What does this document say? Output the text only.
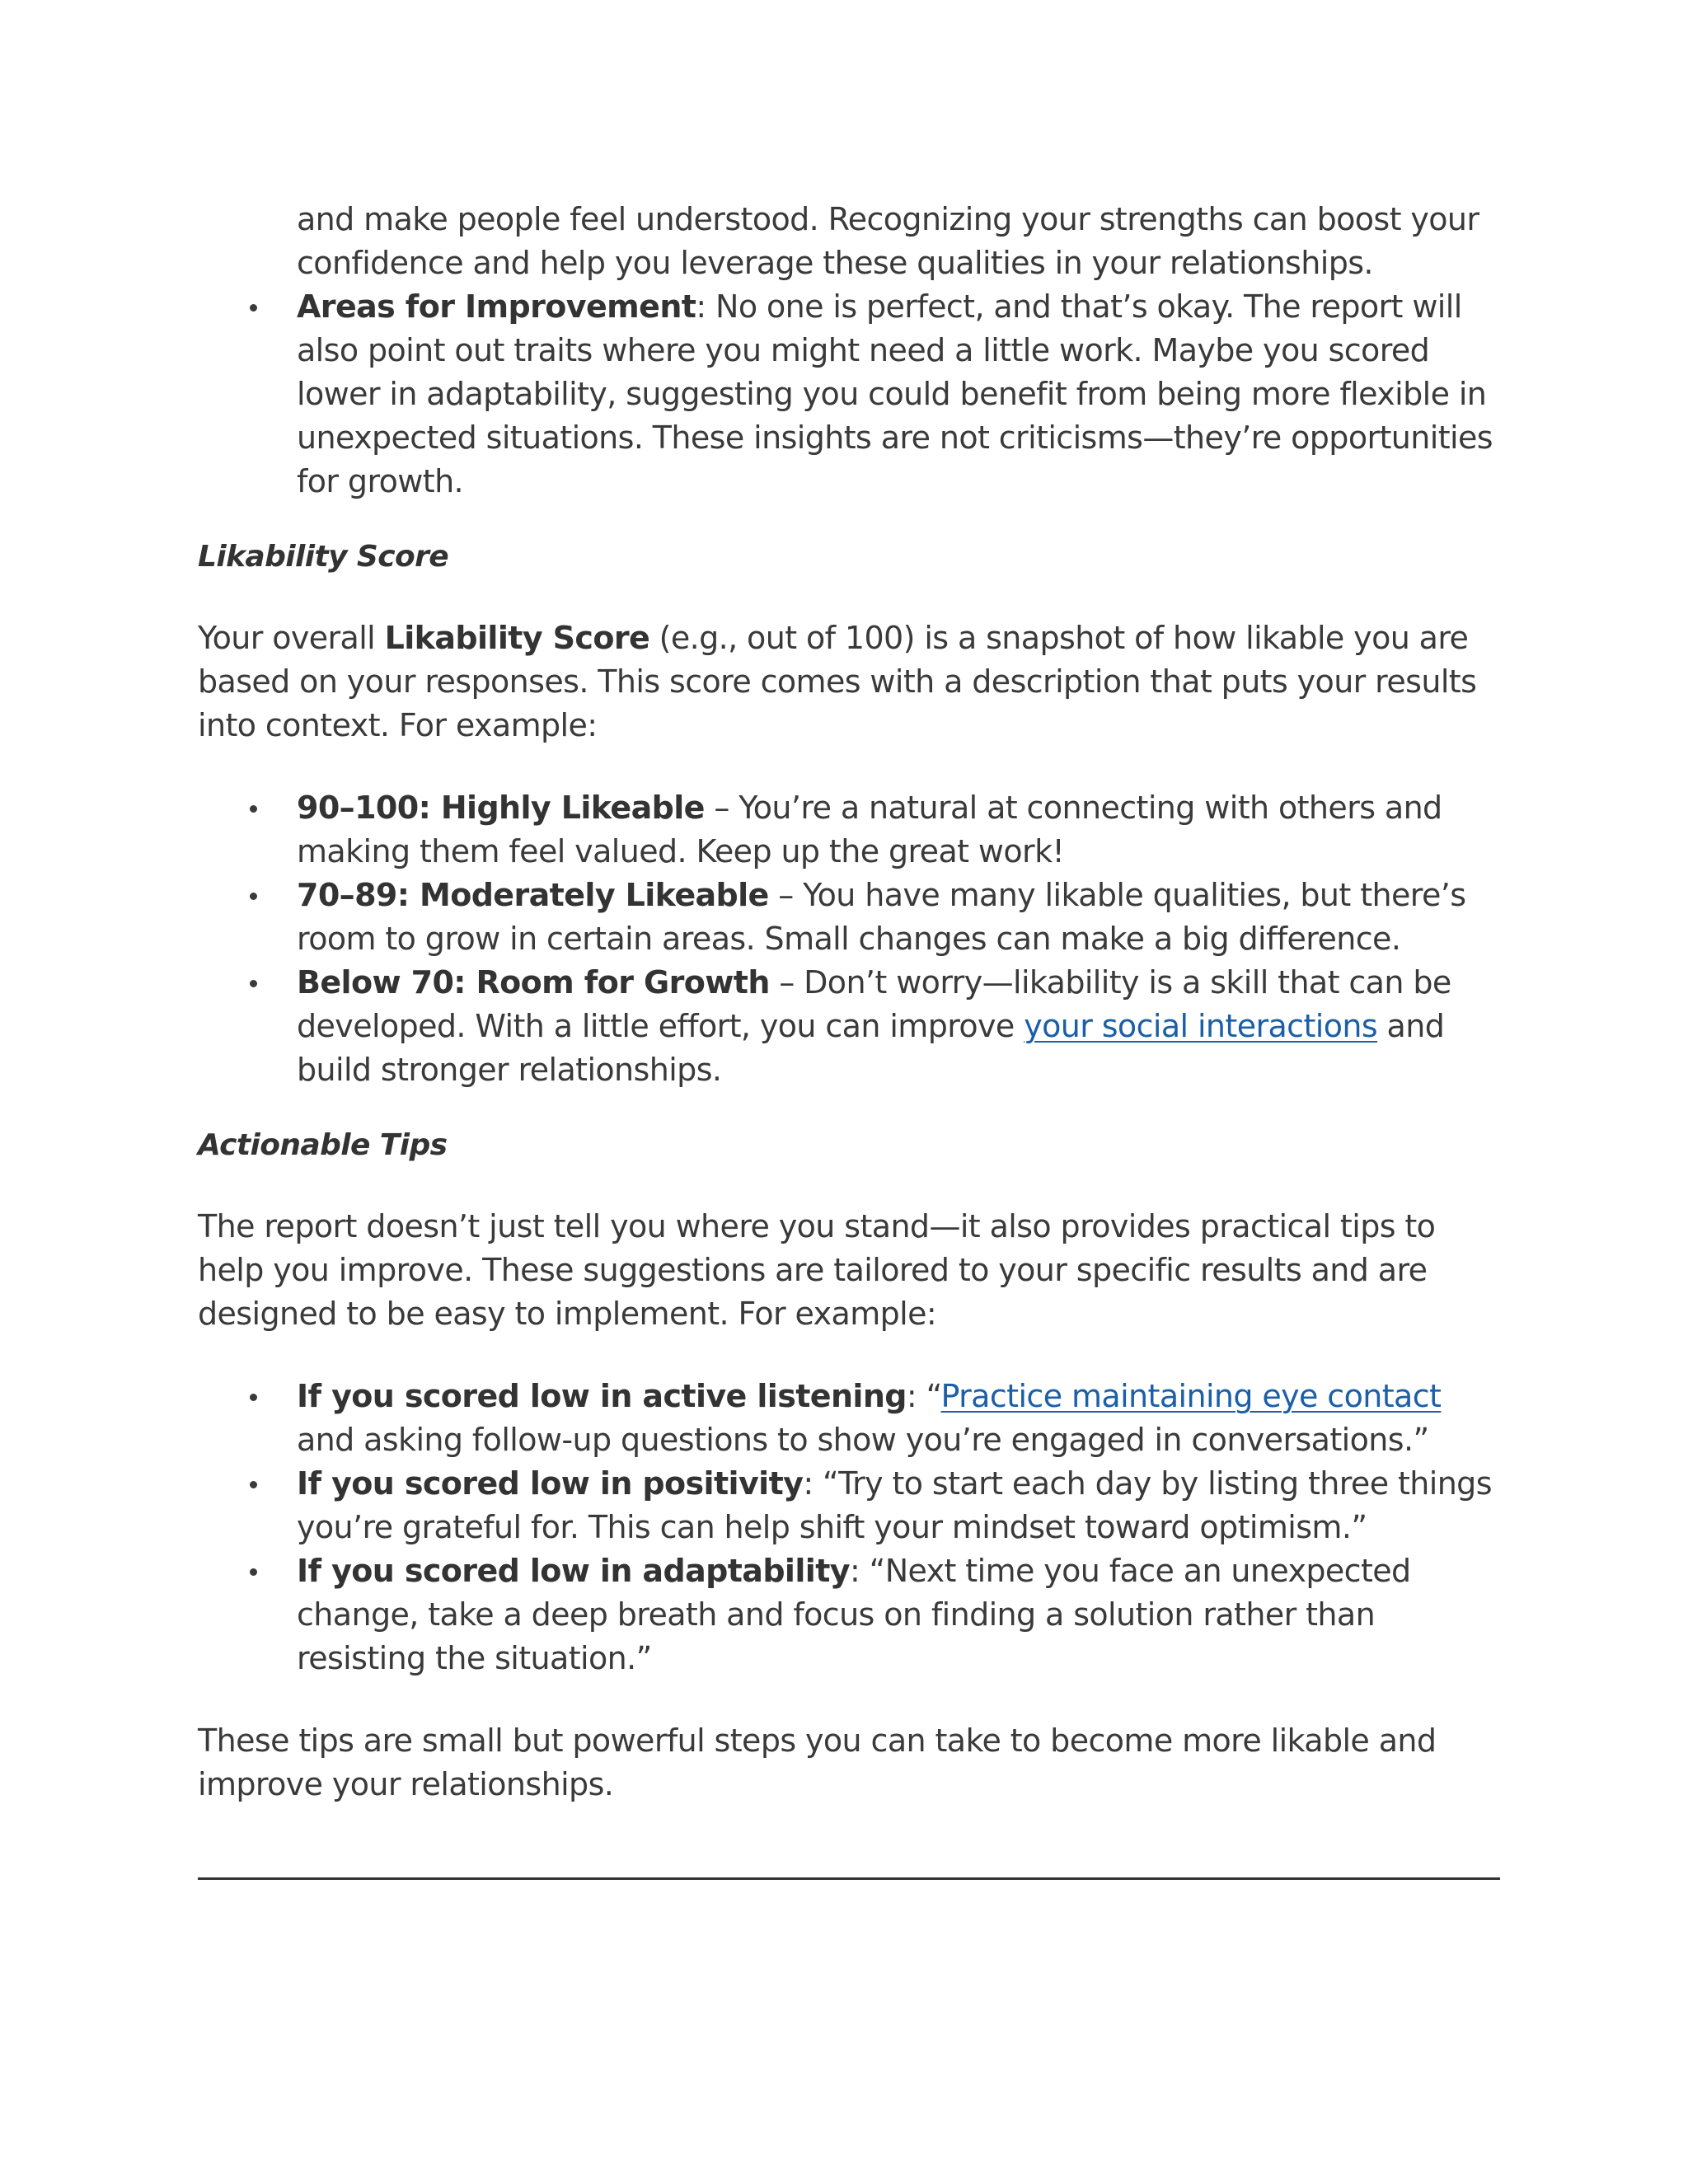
and make people feel understood. Recognizing your strengths can boost your confidence and help you leverage these qualities in your relationships.
Areas for Improvement: No one is perfect, and that’s okay. The report will also point out traits where you might need a little work. Maybe you scored lower in adaptability, suggesting you could benefit from being more flexible in unexpected situations. These insights are not criticisms—they’re opportunities for growth.

Likability Score

Your overall Likability Score (e.g., out of 100) is a snapshot of how likable you are based on your responses. This score comes with a description that puts your results into context. For example:

90–100: Highly Likeable – You’re a natural at connecting with others and making them feel valued. Keep up the great work!
70–89: Moderately Likeable – You have many likable qualities, but there’s room to grow in certain areas. Small changes can make a big difference.
Below 70: Room for Growth – Don’t worry—likability is a skill that can be developed. With a little effort, you can improve your social interactions and build stronger relationships.

Actionable Tips

The report doesn’t just tell you where you stand—it also provides practical tips to help you improve. These suggestions are tailored to your specific results and are designed to be easy to implement. For example:

If you scored low in active listening: “Practice maintaining eye contact and asking follow-up questions to show you’re engaged in conversations.”
If you scored low in positivity: “Try to start each day by listing three things you’re grateful for. This can help shift your mindset toward optimism.”
If you scored low in adaptability: “Next time you face an unexpected change, take a deep breath and focus on finding a solution rather than resisting the situation.”

These tips are small but powerful steps you can take to become more likable and improve your relationships.
